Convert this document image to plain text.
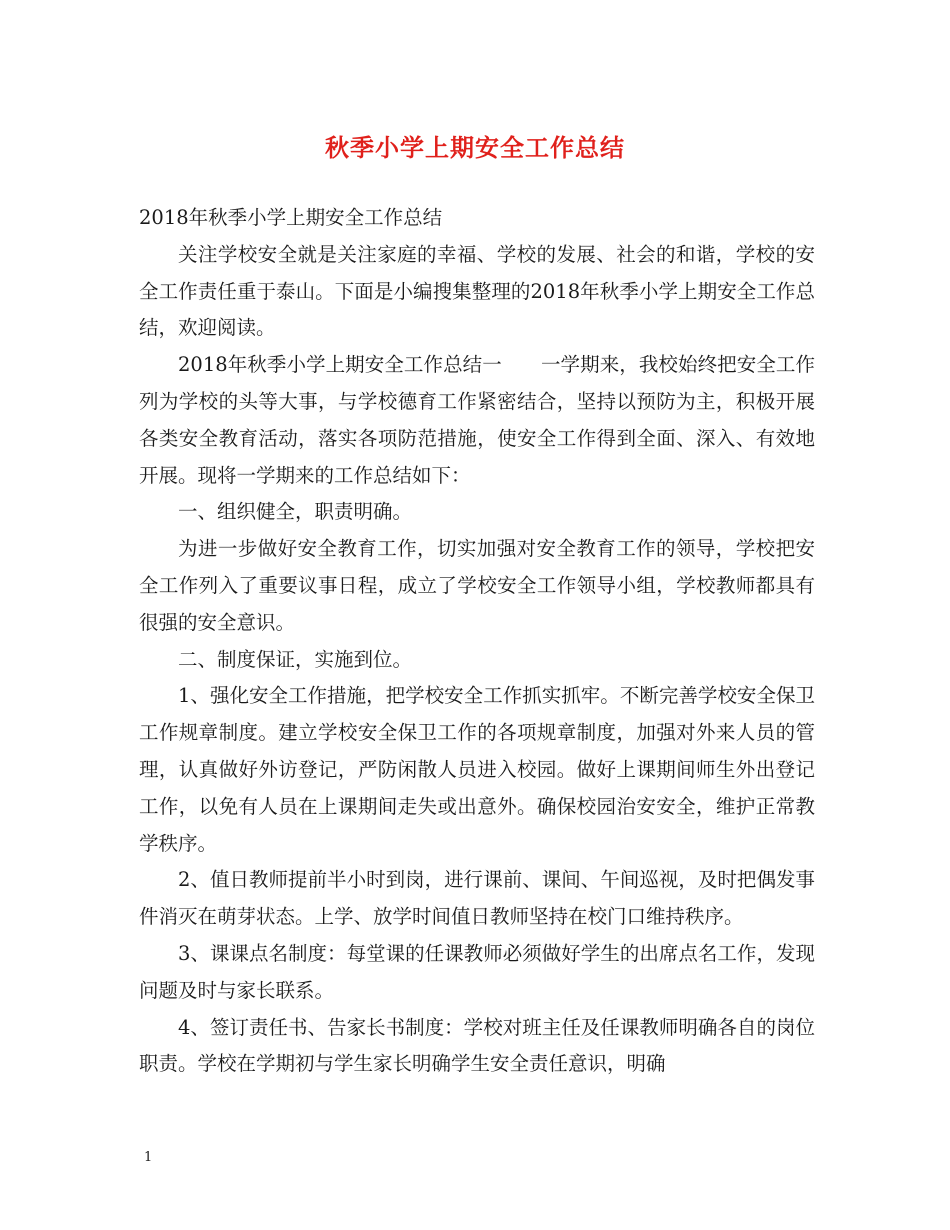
秋季小学上期安全工作总结

2018年秋季小学上期安全工作总结

关注学校安全就是关注家庭的幸福、学校的发展、社会的和谐，学校的安全工作责任重于泰山。下面是小编搜集整理的2018年秋季小学上期安全工作总结，欢迎阅读。

2018年秋季小学上期安全工作总结一　　一学期来，我校始终把安全工作列为学校的头等大事，与学校德育工作紧密结合，坚持以预防为主，积极开展各类安全教育活动，落实各项防范措施，使安全工作得到全面、深入、有效地开展。现将一学期来的工作总结如下：

一、组织健全，职责明确。

为进一步做好安全教育工作，切实加强对安全教育工作的领导，学校把安全工作列入了重要议事日程，成立了学校安全工作领导小组，学校教师都具有很强的安全意识。

二、制度保证，实施到位。

1、强化安全工作措施，把学校安全工作抓实抓牢。不断完善学校安全保卫工作规章制度。建立学校安全保卫工作的各项规章制度，加强对外来人员的管理，认真做好外访登记，严防闲散人员进入校园。做好上课期间师生外出登记工作，以免有人员在上课期间走失或出意外。确保校园治安安全，维护正常教学秩序。

2、值日教师提前半小时到岗，进行课前、课间、午间巡视，及时把偶发事件消灭在萌芽状态。上学、放学时间值日教师坚持在校门口维持秩序。

3、课课点名制度：每堂课的任课教师必须做好学生的出席点名工作，发现问题及时与家长联系。

4、签订责任书、告家长书制度：学校对班主任及任课教师明确各自的岗位职责。学校在学期初与学生家长明确学生安全责任意识，明确

1
